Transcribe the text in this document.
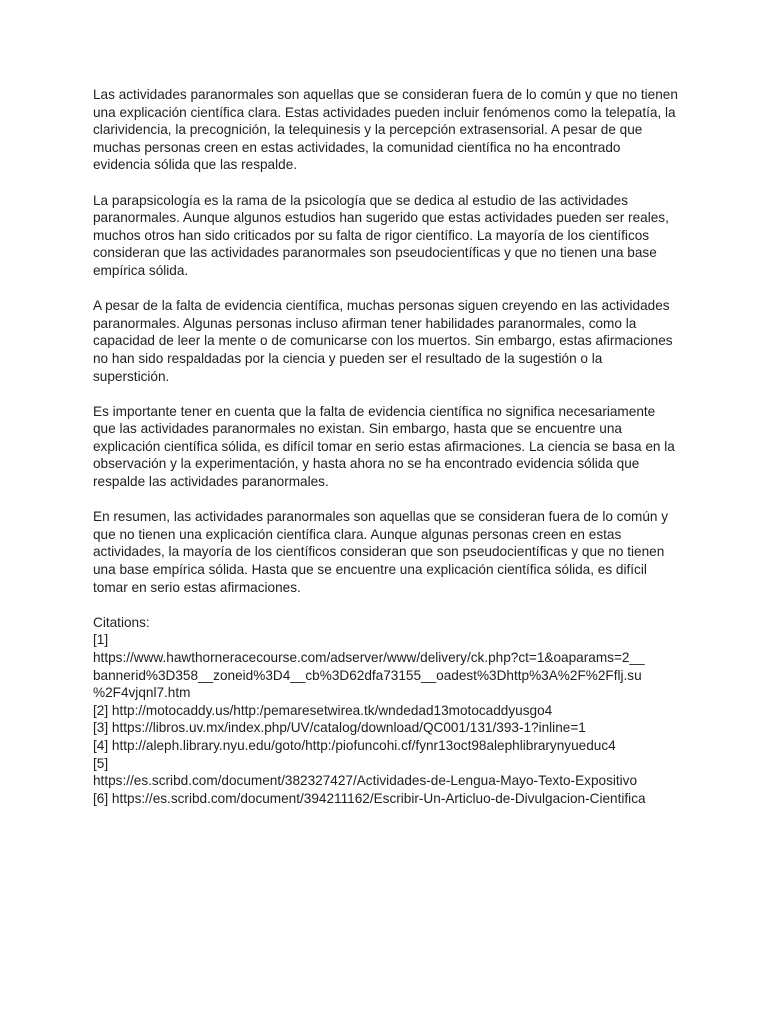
Las actividades paranormales son aquellas que se consideran fuera de lo común y que no tienen una explicación científica clara. Estas actividades pueden incluir fenómenos como la telepatía, la clarividencia, la precognición, la telequinesis y la percepción extrasensorial. A pesar de que muchas personas creen en estas actividades, la comunidad científica no ha encontrado evidencia sólida que las respalde.

La parapsicología es la rama de la psicología que se dedica al estudio de las actividades paranormales. Aunque algunos estudios han sugerido que estas actividades pueden ser reales, muchos otros han sido criticados por su falta de rigor científico. La mayoría de los científicos consideran que las actividades paranormales son pseudocientíficas y que no tienen una base empírica sólida.

A pesar de la falta de evidencia científica, muchas personas siguen creyendo en las actividades paranormales. Algunas personas incluso afirman tener habilidades paranormales, como la capacidad de leer la mente o de comunicarse con los muertos. Sin embargo, estas afirmaciones no han sido respaldadas por la ciencia y pueden ser el resultado de la sugestión o la superstición.

Es importante tener en cuenta que la falta de evidencia científica no significa necesariamente que las actividades paranormales no existan. Sin embargo, hasta que se encuentre una explicación científica sólida, es difícil tomar en serio estas afirmaciones. La ciencia se basa en la observación y la experimentación, y hasta ahora no se ha encontrado evidencia sólida que respalde las actividades paranormales.

En resumen, las actividades paranormales son aquellas que se consideran fuera de lo común y que no tienen una explicación científica clara. Aunque algunas personas creen en estas actividades, la mayoría de los científicos consideran que son pseudocientíficas y que no tienen una base empírica sólida. Hasta que se encuentre una explicación científica sólida, es difícil tomar en serio estas afirmaciones.

Citations:

[1]

https://www.hawthorneracecourse.com/adserver/www/delivery/ck.php?ct=1&oaparams=2__

bannerid%3D358__zoneid%3D4__cb%3D62dfa73155__oadest%3Dhttp%3A%2F%2Fflj.su

%2F4vjqnl7.htm

[2] http://motocaddy.us/http:/pemaresetwirea.tk/wndedad13motocaddyusgo4

[3] https://libros.uv.mx/index.php/UV/catalog/download/QC001/131/393-1?inline=1

[4] http://aleph.library.nyu.edu/goto/http:/piofuncohi.cf/fynr13oct98alephlibrarynyueduc4

[5]

https://es.scribd.com/document/382327427/Actividades-de-Lengua-Mayo-Texto-Expositivo

[6] https://es.scribd.com/document/394211162/Escribir-Un-Articluo-de-Divulgacion-Cientifica
